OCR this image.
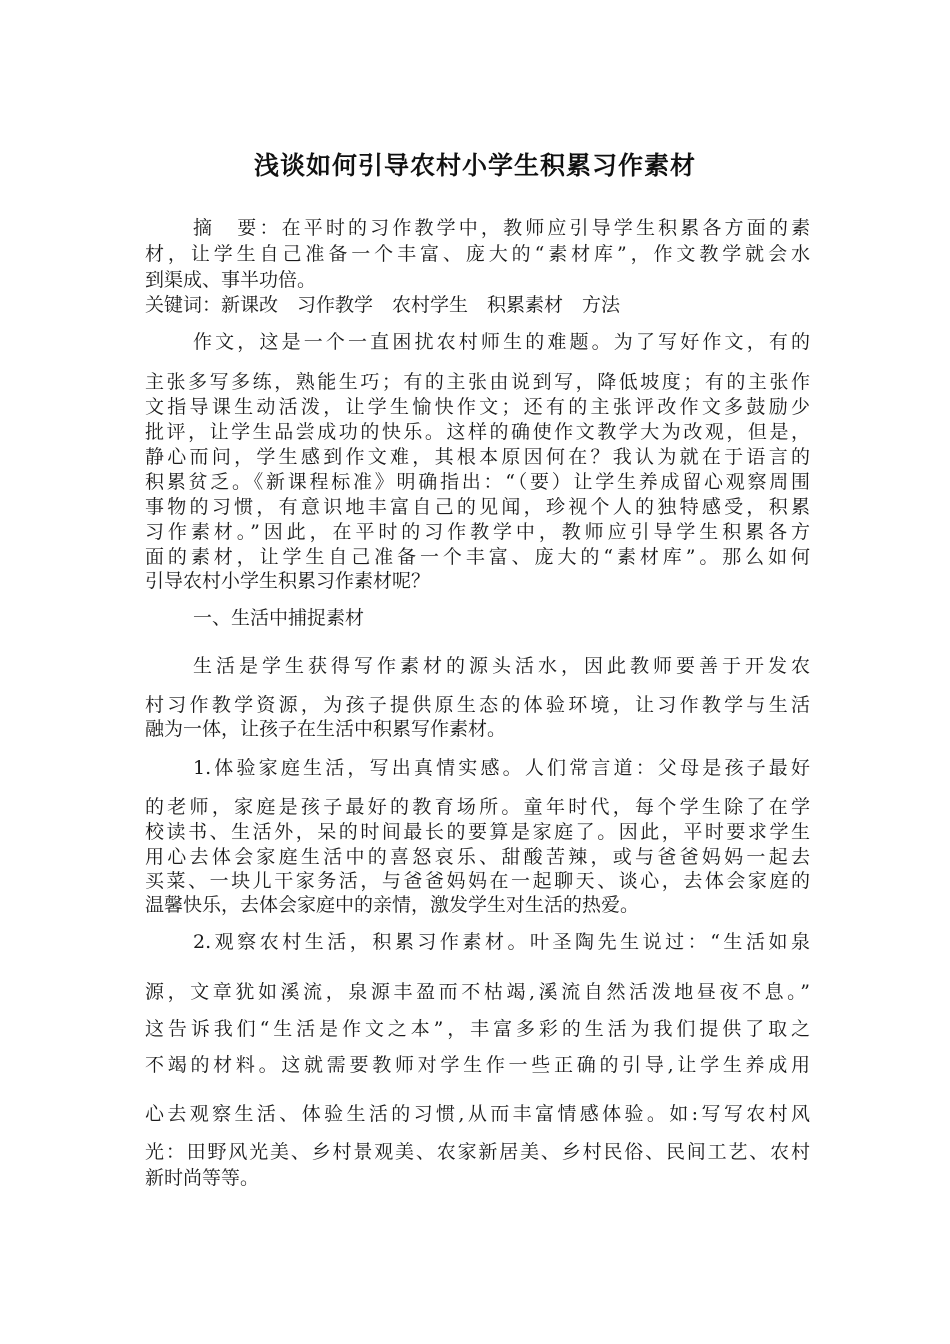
浅谈如何引导农村小学生积累习作素材
摘　要：在平时的习作教学中，教师应引导学生积累各方面的素
材，让学生自己准备一个丰富、庞大的“素材库”，作文教学就会水
到渠成、事半功倍。
关键词：新课改　习作教学　农村学生　积累素材　方法
作文，这是一个一直困扰农村师生的难题。为了写好作文，有的
主张多写多练，熟能生巧；有的主张由说到写，降低坡度；有的主张作
文指导课生动活泼，让学生愉快作文；还有的主张评改作文多鼓励少
批评，让学生品尝成功的快乐。这样的确使作文教学大为改观，但是，
静心而问，学生感到作文难，其根本原因何在？我认为就在于语言的
积累贫乏。《新课程标准》明确指出：“（要）让学生养成留心观察周围
事物的习惯，有意识地丰富自己的见闻，珍视个人的独特感受，积累
习作素材。”因此，在平时的习作教学中，教师应引导学生积累各方
面的素材，让学生自己准备一个丰富、庞大的“素材库”。那么如何
引导农村小学生积累习作素材呢？
一、生活中捕捉素材
生活是学生获得写作素材的源头活水，因此教师要善于开发农
村习作教学资源，为孩子提供原生态的体验环境，让习作教学与生活
融为一体，让孩子在生活中积累写作素材。
1.体验家庭生活，写出真情实感。人们常言道：父母是孩子最好
的老师，家庭是孩子最好的教育场所。童年时代，每个学生除了在学
校读书、生活外，呆的时间最长的要算是家庭了。因此，平时要求学生
用心去体会家庭生活中的喜怒哀乐、甜酸苦辣，或与爸爸妈妈一起去
买菜、一块儿干家务活，与爸爸妈妈在一起聊天、谈心，去体会家庭的
温馨快乐，去体会家庭中的亲情，激发学生对生活的热爱。
2.观察农村生活，积累习作素材。叶圣陶先生说过：“生活如泉
源，文章犹如溪流，泉源丰盈而不枯竭,溪流自然活泼地昼夜不息。”
这告诉我们“生活是作文之本”，丰富多彩的生活为我们提供了取之
不竭的材料。这就需要教师对学生作一些正确的引导,让学生养成用
心去观察生活、体验生活的习惯,从而丰富情感体验。如:写写农村风
光：田野风光美、乡村景观美、农家新居美、乡村民俗、民间工艺、农村
新时尚等等。
